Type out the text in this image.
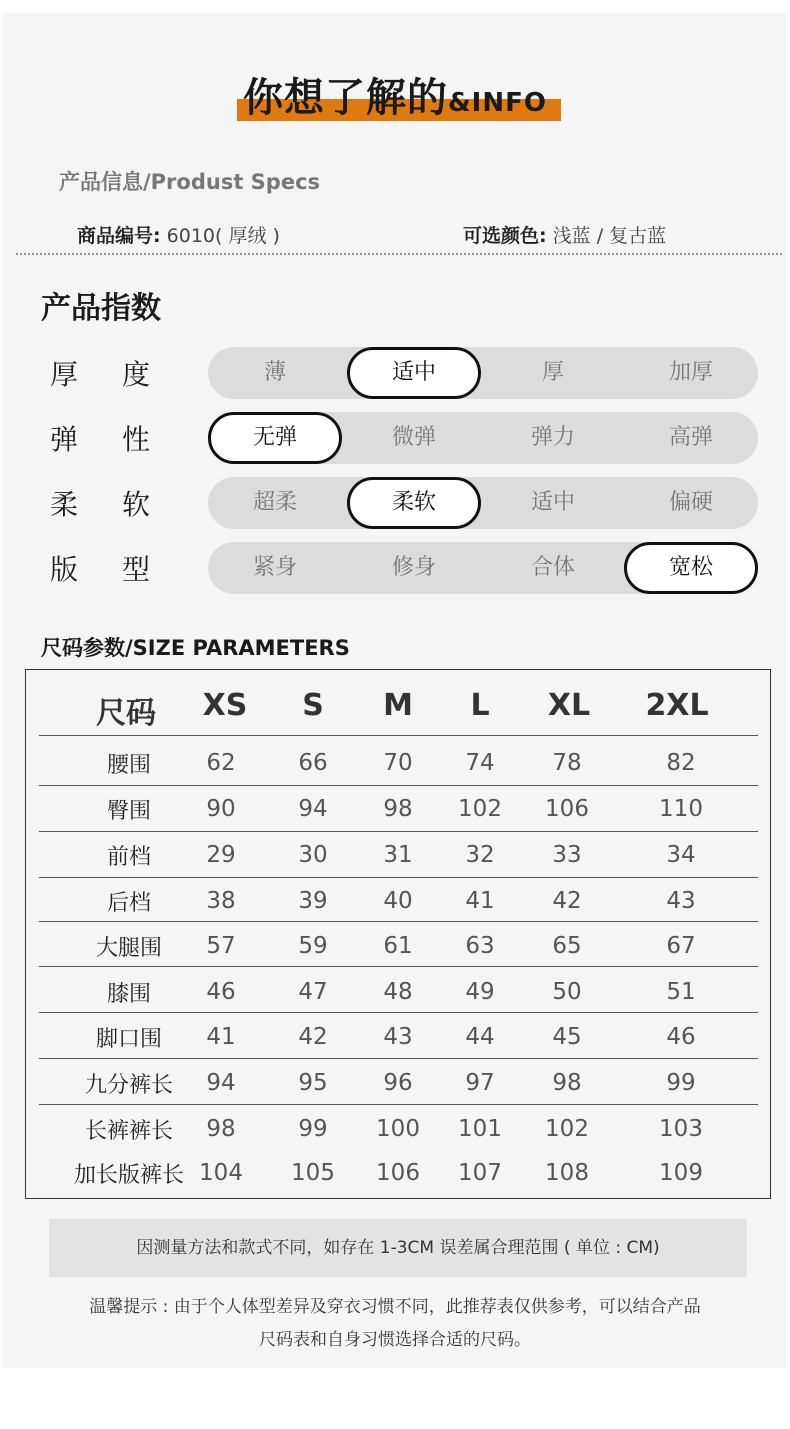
你想了解的&INFO
产品信息/Produst Specs
商品编号: 6010( 厚绒 )	可选颜色: 浅蓝 / 复古蓝
产品指数
厚 度	薄	适中	厚	加厚
弹 性	无弹	微弹	弹力	高弹
柔 软	超柔	柔软	适中	偏硬
版 型	紧身	修身	合体	宽松
尺码参数/SIZE PARAMETERS
尺码	XS	S	M	L	XL	2XL
腰围	62	66	70	74	78	82
臀围	90	94	98	102	106	110
前档	29	30	31	32	33	34
后档	38	39	40	41	42	43
大腿围	57	59	61	63	65	67
膝围	46	47	48	49	50	51
脚口围	41	42	43	44	45	46
九分裤长	94	95	96	97	98	99
长裤裤长	98	99	100	101	102	103
加长版裤长 104	105	106	107	108	109
因测量方法和款式不同，如存在 1-3CM 误差属合理范围 ( 单位 : CM)
温馨提示 : 由于个人体型差异及穿衣习惯不同，此推荐表仅供参考，可以结合产品
尺码表和自身习惯选择合适的尺码。
